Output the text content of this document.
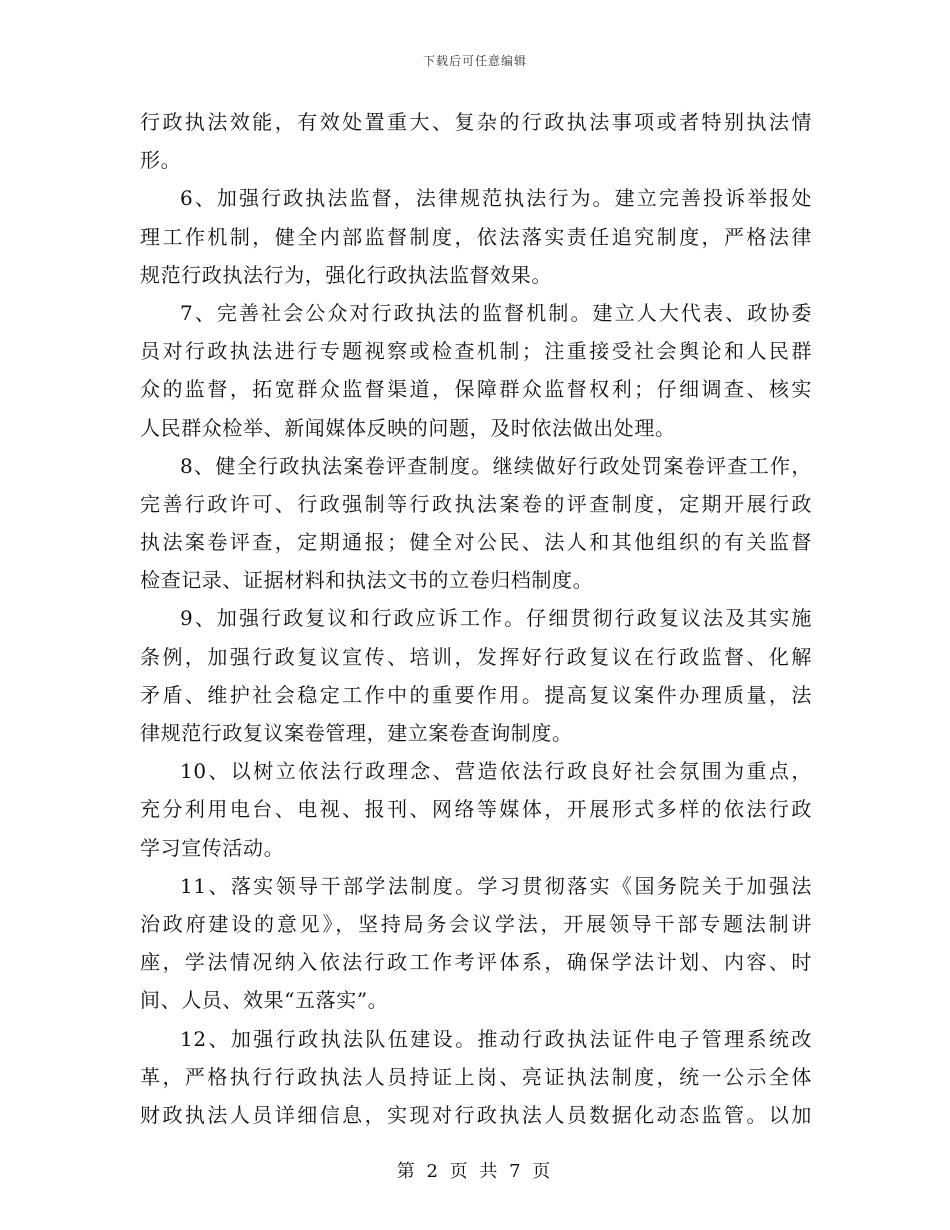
下载后可任意编辑
行政执法效能，有效处置重大、复杂的行政执法事项或者特别执法情
形。
6、加强行政执法监督，法律规范执法行为。建立完善投诉举报处
理工作机制，健全内部监督制度，依法落实责任追究制度，严格法律
规范行政执法行为，强化行政执法监督效果。
7、完善社会公众对行政执法的监督机制。建立人大代表、政协委
员对行政执法进行专题视察或检查机制；注重接受社会舆论和人民群
众的监督，拓宽群众监督渠道，保障群众监督权利；仔细调查、核实
人民群众检举、新闻媒体反映的问题，及时依法做出处理。
8、健全行政执法案卷评查制度。继续做好行政处罚案卷评查工作，
完善行政许可、行政强制等行政执法案卷的评查制度，定期开展行政
执法案卷评查，定期通报；健全对公民、法人和其他组织的有关监督
检查记录、证据材料和执法文书的立卷归档制度。
9、加强行政复议和行政应诉工作。仔细贯彻行政复议法及其实施
条例，加强行政复议宣传、培训，发挥好行政复议在行政监督、化解
矛盾、维护社会稳定工作中的重要作用。提高复议案件办理质量，法
律规范行政复议案卷管理，建立案卷查询制度。
10、以树立依法行政理念、营造依法行政良好社会氛围为重点，
充分利用电台、电视、报刊、网络等媒体，开展形式多样的依法行政
学习宣传活动。
11、落实领导干部学法制度。学习贯彻落实《国务院关于加强法
治政府建设的意见》，坚持局务会议学法，开展领导干部专题法制讲
座，学法情况纳入依法行政工作考评体系，确保学法计划、内容、时
间、人员、效果“五落实”。
12、加强行政执法队伍建设。推动行政执法证件电子管理系统改
革，严格执行行政执法人员持证上岗、亮证执法制度，统一公示全体
财政执法人员详细信息，实现对行政执法人员数据化动态监管。以加
第 2 页 共 7 页
